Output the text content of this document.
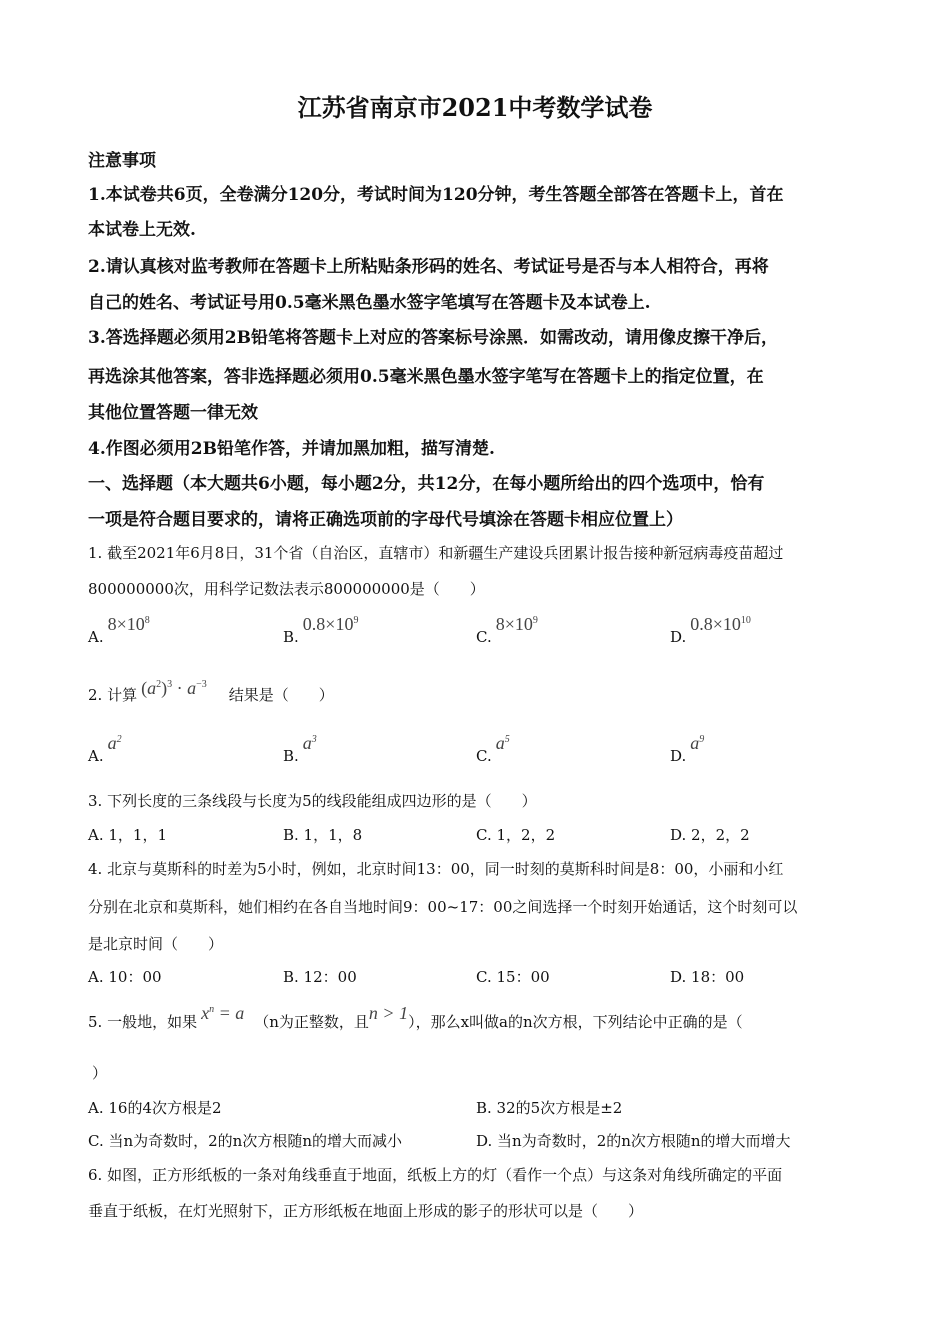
江苏省南京市2021中考数学试卷
注意事项
1.本试卷共6页，全卷满分120分，考试时间为120分钟，考生答题全部答在答题卡上，首在
本试卷上无效.
2.请认真核对监考教师在答题卡上所粘贴条形码的姓名、考试证号是否与本人相符合，再将
自己的姓名、考试证号用0.5毫米黑色墨水签字笔填写在答题卡及本试卷上.
3.答选择题必须用2B铅笔将答题卡上对应的答案标号涂黑．如需改动，请用像皮擦干净后，
再选涂其他答案，答非选择题必须用0.5毫米黑色墨水签字笔写在答题卡上的指定位置，在
其他位置答题一律无效
4.作图必须用2B铅笔作答，并请加黑加粗，描写清楚.
一、选择题（本大题共6小题，每小题2分，共12分，在每小题所给出的四个选项中，恰有
一项是符合题目要求的，请将正确选项前的字母代号填涂在答题卡相应位置上）
1. 截至2021年6月8日，31个省（自治区，直辖市）和新疆生产建设兵团累计报告接种新冠病毒疫苗超过
800000000次，用科学记数法表示800000000是（　　）
$A.8\times 10^8$
$B.0.8\times 10^9$
$C.8\times 10^9$
$D.0.8\times 10^{10}$
2. 计算 $(a^2)^3 \cdot a^{-3}$结果是（　　）
$A.a^2$
$B.a^3$
$C.a^5$
$D.a^9$
3. 下列长度的三条线段与长度为5的线段能组成四边形的是（　　）
A. 1，1，1	B. 1，1，8	C. 1，2，2	D. 2，2，2
4. 北京与莫斯科的时差为5小时，例如，北京时间13：00，同一时刻的莫斯科时间是8：00，小丽和小红
分别在北京和莫斯科，她们相约在各自当地时间9：00~17：00之间选择一个时刻开始通话，这个时刻可以
是北京时间（　　）
A. 10：00	B. 12：00	C. 15：00	D. 18：00
5. 一般地，如果 $x^n = a$ （n为正整数，且n > 1），那么x叫做a的n次方根，下列结论中正确的是（
）
A. 16的4次方根是2	B. 32的5次方根是±2
C. 当n为奇数时，2的n次方根随n的增大而减小	D. 当n为奇数时，2的n次方根随n的增大而增大
6. 如图，正方形纸板的一条对角线垂直于地面，纸板上方的灯（看作一个点）与这条对角线所确定的平面
垂直于纸板，在灯光照射下，正方形纸板在地面上形成的影子的形状可以是（　　）
